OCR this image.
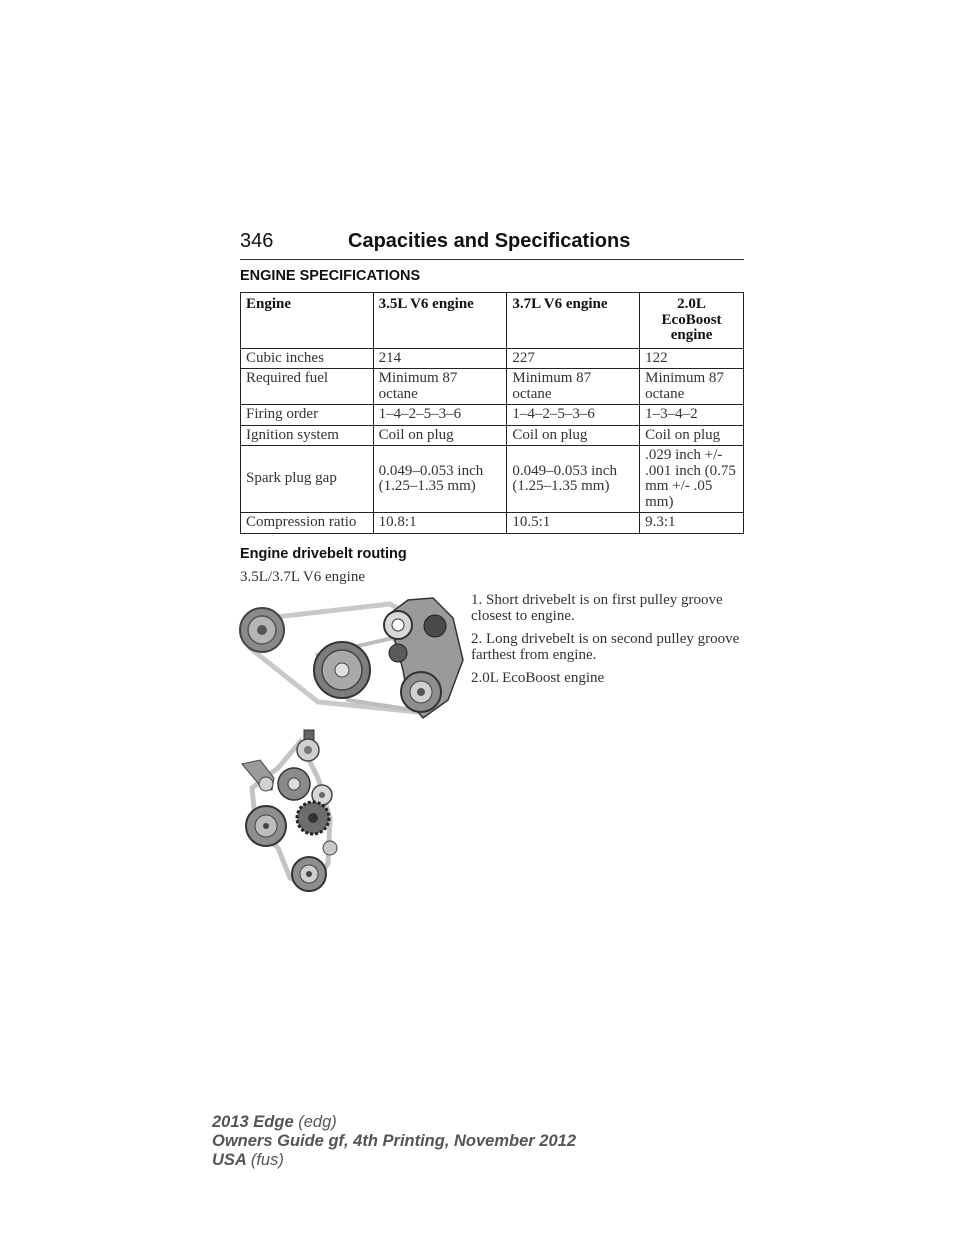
346	Capacities and Specifications
ENGINE SPECIFICATIONS
Engine	3.5L V6 engine	3.7L V6 engine	2.0L EcoBoost engine
Cubic inches	214	227	122
Required fuel	Minimum 87 octane	Minimum 87 octane	Minimum 87 octane
Firing order	1–4–2–5–3–6	1–4–2–5–3–6	1–3–4–2
Ignition system	Coil on plug	Coil on plug	Coil on plug
Spark plug gap	0.049–0.053 inch (1.25–1.35 mm)	0.049–0.053 inch (1.25–1.35 mm)	.029 inch +/- .001 inch (0.75 mm +/- .05 mm)
Compression ratio	10.8:1	10.5:1	9.3:1
Engine drivebelt routing
3.5L/3.7L V6 engine
1. Short drivebelt is on first pulley groove closest to engine.
2. Long drivebelt is on second pulley groove farthest from engine.
2.0L EcoBoost engine
2013 Edge (edg)
Owners Guide gf, 4th Printing, November 2012
USA (fus)
